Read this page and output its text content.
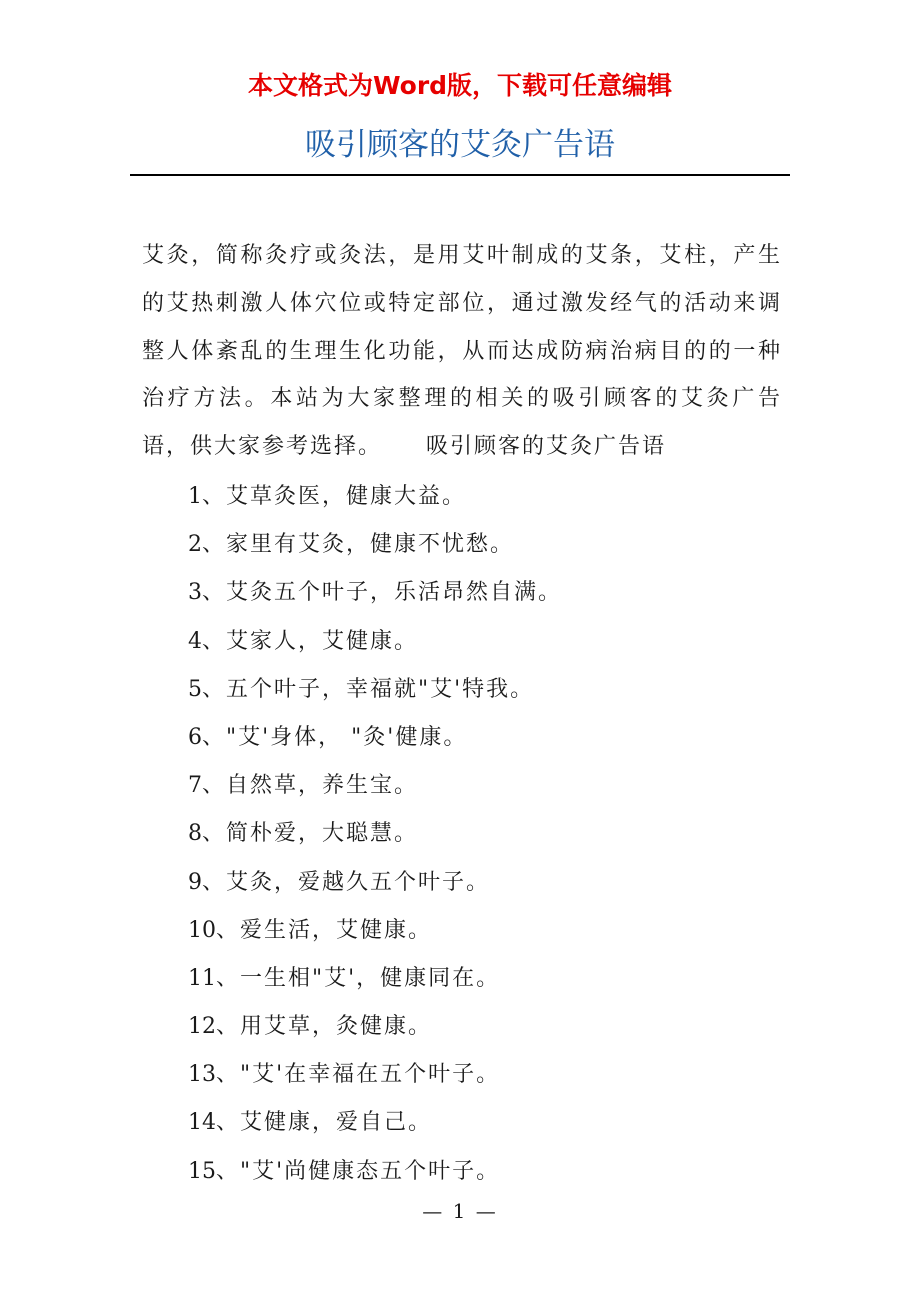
本文格式为Word版，下载可任意编辑
吸引顾客的艾灸广告语

艾灸，简称灸疗或灸法，是用艾叶制成的艾条，艾柱，产生的艾热刺激人体穴位或特定部位，通过激发经气的活动来调整人体紊乱的生理生化功能，从而达成防病治病目的的一种治疗方法。本站为大家整理的相关的吸引顾客的艾灸广告语，供大家参考选择。 吸引顾客的艾灸广告语

1、艾草灸医，健康大益。
2、家里有艾灸，健康不忧愁。
3、艾灸五个叶子，乐活昂然自满。
4、艾家人，艾健康。
5、五个叶子，幸福就"艾'特我。
6、"艾'身体， "灸'健康。
7、自然草，养生宝。
8、简朴爱，大聪慧。
9、艾灸，爱越久五个叶子。
10、爱生活，艾健康。
11、一生相"艾'，健康同在。
12、用艾草，灸健康。
13、"艾'在幸福在五个叶子。
14、艾健康，爱自己。
15、"艾'尚健康态五个叶子。
— 1 —
